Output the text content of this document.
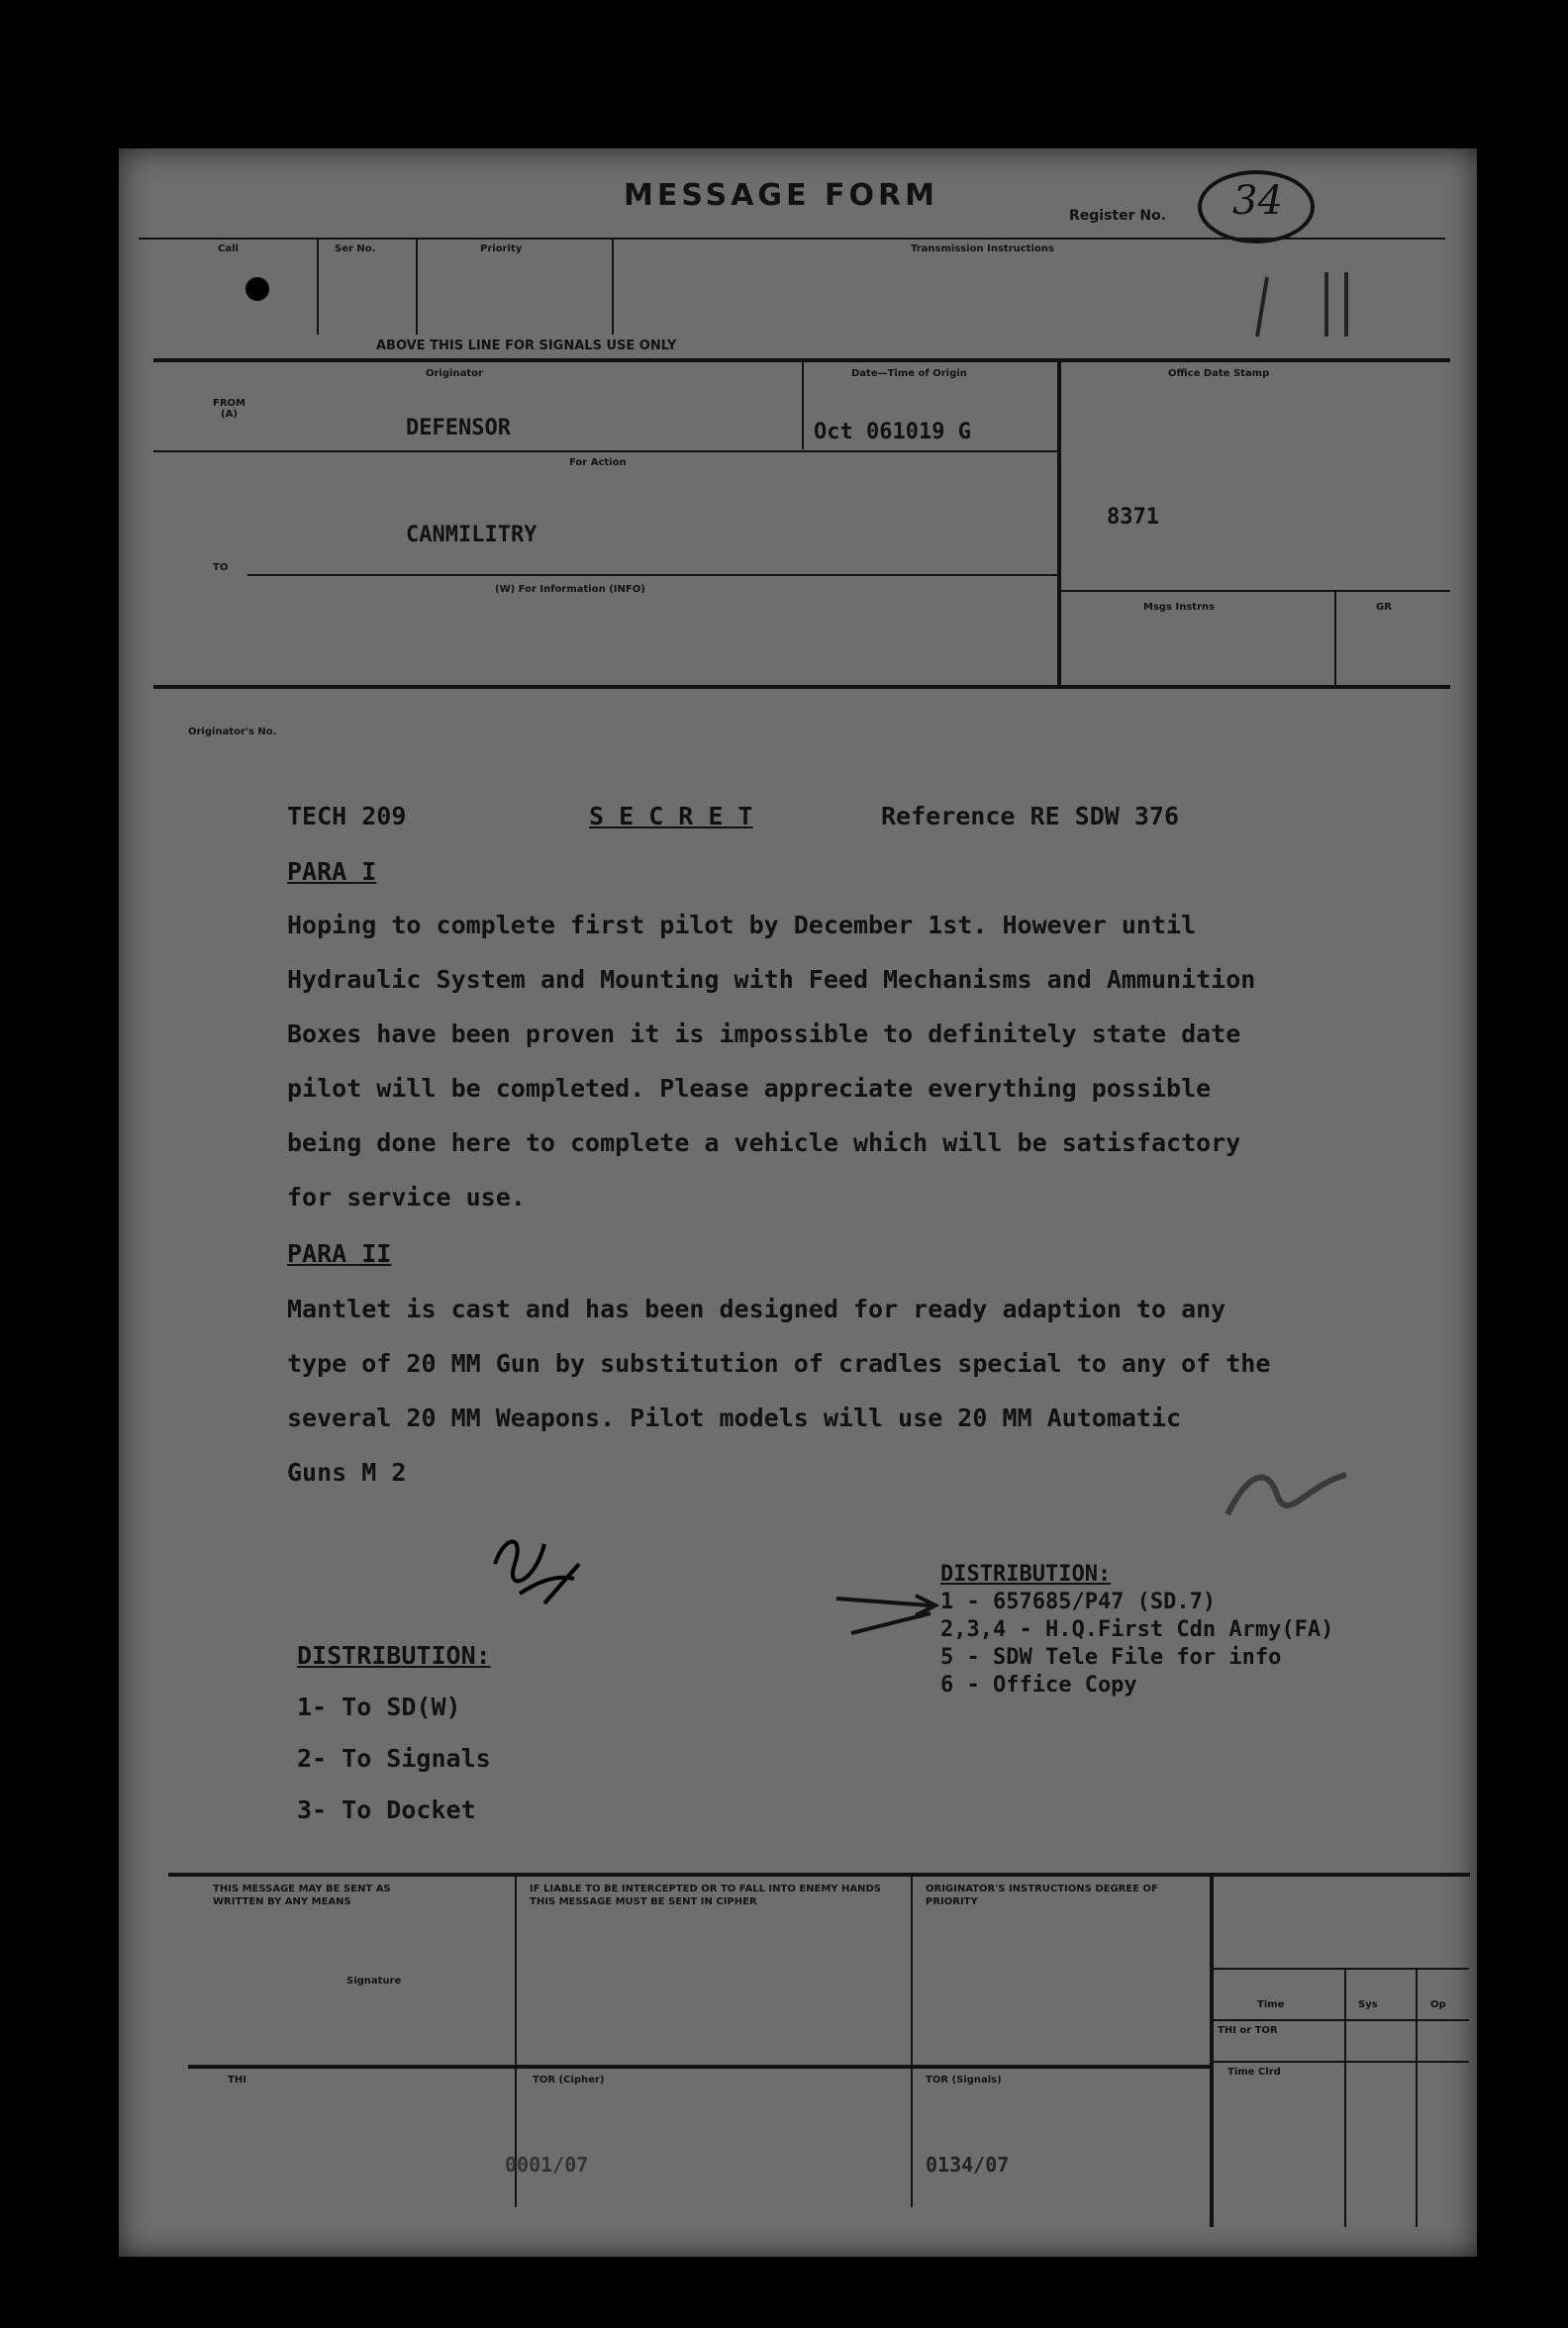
MESSAGE FORM
Register No. 34
Call	Ser No.	Priority	Transmission Instructions
ABOVE THIS LINE FOR SIGNALS USE ONLY
Originator
FROM
(A)
DEFENSOR
Date—Time of Origin
Oct 061019 G
Office Date Stamp
8371
For Action
CANMILITRY
TO
(W) For Information (INFO)
Msgs Instrns	GR
Originator's No.
TECH 209	S E C R E T	Reference RE SDW 376
PARA I
Hoping to complete first pilot by December 1st. However until
Hydraulic System and Mounting with Feed Mechanisms and Ammunition
Boxes have been proven it is impossible to definitely state date
pilot will be completed. Please appreciate everything possible
being done here to complete a vehicle which will be satisfactory
for service use.
PARA II
Mantlet is cast and has been designed for ready adaption to any
type of 20 MM Gun by substitution of cradles special to any of the
several 20 MM Weapons. Pilot models will use 20 MM Automatic
Guns M 2
DISTRIBUTION:
1 - 657685/P47 (SD.7)
2,3,4 - H.Q.First Cdn Army(FA)
5 - SDW Tele File for info
6 - Office Copy
DISTRIBUTION:
1- To SD(W)
2- To Signals
3- To Docket
THIS MESSAGE MAY BE SENT AS WRITTEN BY ANY MEANS
Signature
IF LIABLE TO BE INTERCEPTED OR TO FALL INTO ENEMY HANDS THIS MESSAGE MUST BE SENT IN CIPHER
ORIGINATOR'S INSTRUCTIONS DEGREE OF PRIORITY
Time	Sys	Op
THI or TOR
Time Clrd
THI	TOR (Cipher)
0001/07
TOR (Signals)
0134/07
